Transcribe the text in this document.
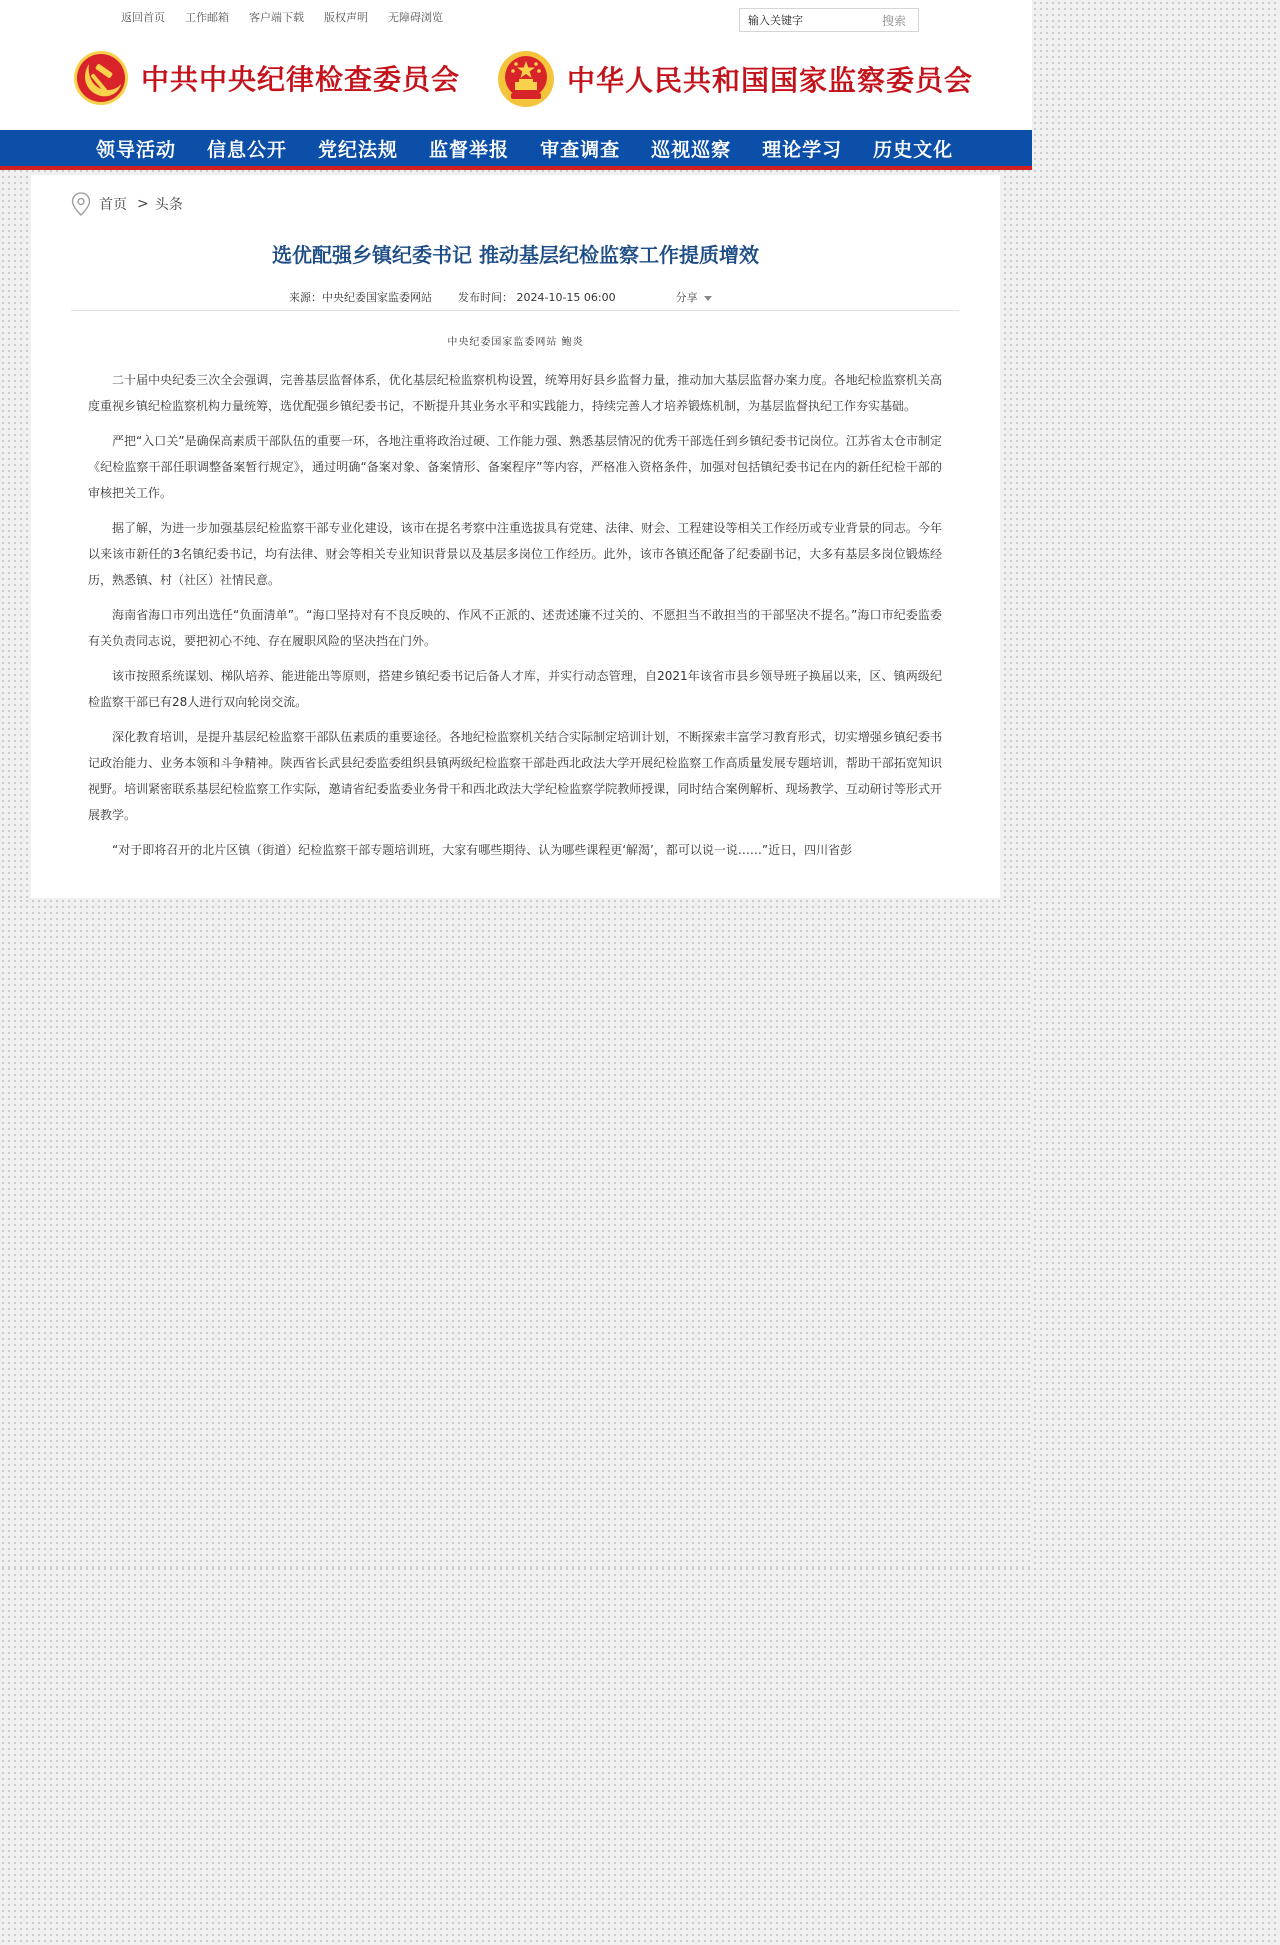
返回首页 工作邮箱 客户端下载 版权声明 无障碍浏览
输入关键字	搜索
中共中央纪律检查委员会	中华人民共和国国家监察委员会
领导活动 信息公开 党纪法规 监督举报 审查调查 巡视巡察 理论学习 历史文化
首页 > 头条
选优配强乡镇纪委书记 推动基层纪检监察工作提质增效
来源：中央纪委国家监委网站 发布时间： 2024-10-15 06:00	分享
中央纪委国家监委网站 鲍炎

二十届中央纪委三次全会强调，完善基层监督体系，优化基层纪检监察机构设置，统筹用好县乡监督力量，推动加大基层监督办案力度。各地纪检监察机关高度重视乡镇纪检监察机构力量统筹，选优配强乡镇纪委书记，不断提升其业务水平和实践能力，持续完善人才培养锻炼机制，为基层监督执纪工作夯实基础。

严把“入口关”是确保高素质干部队伍的重要一环，各地注重将政治过硬、工作能力强、熟悉基层情况的优秀干部选任到乡镇纪委书记岗位。江苏省太仓市制定《纪检监察干部任职调整备案暂行规定》，通过明确“备案对象、备案情形、备案程序”等内容，严格准入资格条件，加强对包括镇纪委书记在内的新任纪检干部的审核把关工作。

据了解，为进一步加强基层纪检监察干部专业化建设，该市在提名考察中注重选拔具有党建、法律、财会、工程建设等相关工作经历或专业背景的同志。今年以来该市新任的3名镇纪委书记，均有法律、财会等相关专业知识背景以及基层多岗位工作经历。此外，该市各镇还配备了纪委副书记，大多有基层多岗位锻炼经历，熟悉镇、村（社区）社情民意。

海南省海口市列出选任“负面清单”。“海口坚持对有不良反映的、作风不正派的、述责述廉不过关的、不愿担当不敢担当的干部坚决不提名。”海口市纪委监委有关负责同志说，要把初心不纯、存在履职风险的坚决挡在门外。

该市按照系统谋划、梯队培养、能进能出等原则，搭建乡镇纪委书记后备人才库，并实行动态管理，自2021年该省市县乡领导班子换届以来，区、镇两级纪检监察干部已有28人进行双向轮岗交流。

深化教育培训，是提升基层纪检监察干部队伍素质的重要途径。各地纪检监察机关结合实际制定培训计划，不断探索丰富学习教育形式，切实增强乡镇纪委书记政治能力、业务本领和斗争精神。陕西省长武县纪委监委组织县镇两级纪检监察干部赴西北政法大学开展纪检监察工作高质量发展专题培训，帮助干部拓宽知识视野。培训紧密联系基层纪检监察工作实际，邀请省纪委监委业务骨干和西北政法大学纪检监察学院教师授课，同时结合案例解析、现场教学、互动研讨等形式开展教学。

“对于即将召开的北片区镇（街道）纪检监察干部专题培训班，大家有哪些期待、认为哪些课程更‘解渴’，都可以说一说……”近日，四川省彭
